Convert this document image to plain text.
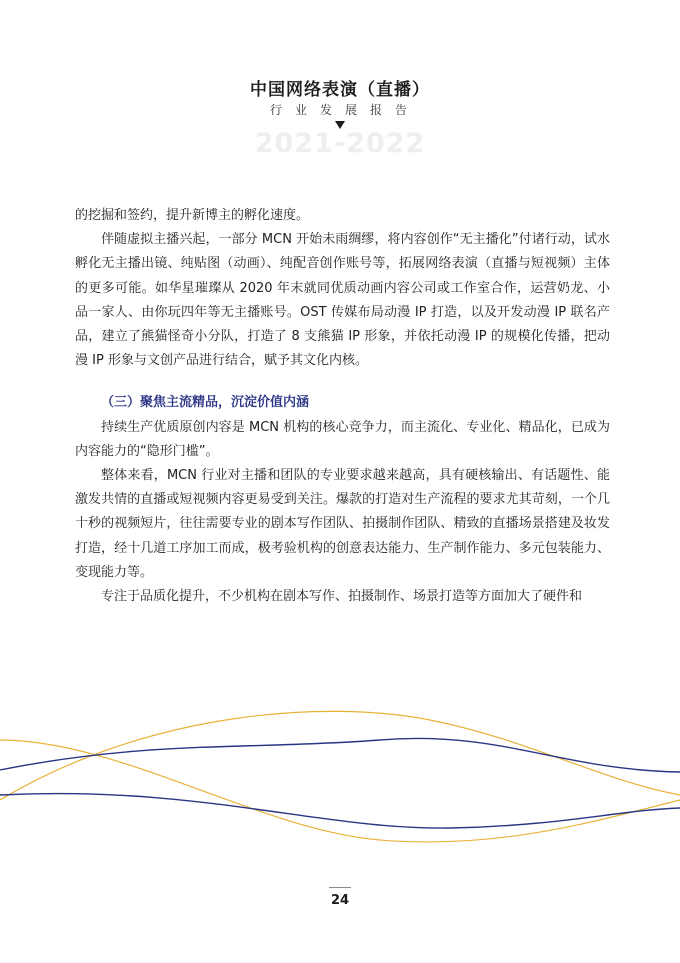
中国网络表演（直播）
行业发展报告
2021-2022

的挖掘和签约，提升新博主的孵化速度。

伴随虚拟主播兴起，一部分 MCN 开始未雨绸缪，将内容创作“无主播化”付诸行动，试水孵化无主播出镜、纯贴图（动画）、纯配音创作账号等，拓展网络表演（直播与短视频）主体的更多可能。如华星璀璨从 2020 年末就同优质动画内容公司或工作室合作，运营奶龙、小品一家人、由你玩四年等无主播账号。OST 传媒布局动漫 IP 打造，以及开发动漫 IP 联名产品，建立了熊猫怪奇小分队，打造了 8 支熊猫 IP 形象，并依托动漫 IP 的规模化传播，把动漫 IP 形象与文创产品进行结合，赋予其文化内核。

（三）聚焦主流精品，沉淀价值内涵

持续生产优质原创内容是 MCN 机构的核心竞争力，而主流化、专业化、精品化，已成为内容能力的“隐形门槛”。

整体来看，MCN 行业对主播和团队的专业要求越来越高，具有硬核输出、有话题性、能激发共情的直播或短视频内容更易受到关注。爆款的打造对生产流程的要求尤其苛刻，一个几十秒的视频短片，往往需要专业的剧本写作团队、拍摄制作团队、精致的直播场景搭建及妆发打造，经十几道工序加工而成，极考验机构的创意表达能力、生产制作能力、多元包装能力、变现能力等。

专注于品质化提升，不少机构在剧本写作、拍摄制作、场景打造等方面加大了硬件和

24
